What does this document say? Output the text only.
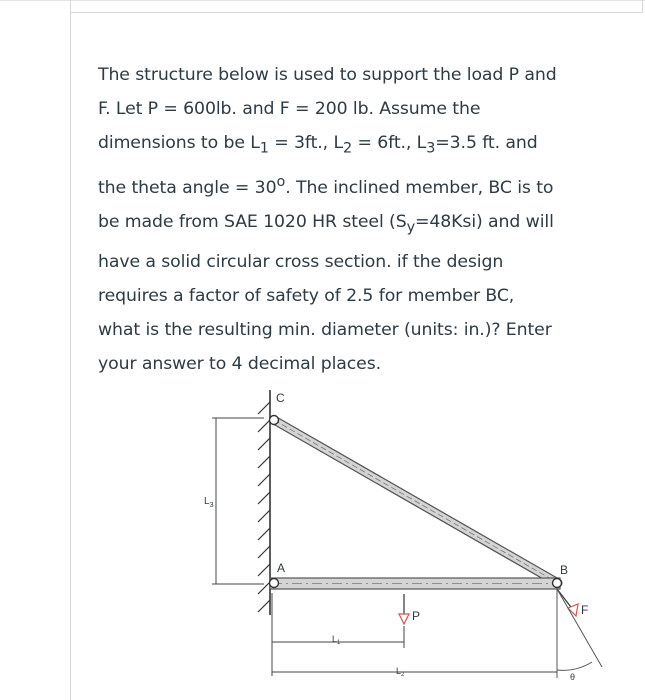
The structure below is used to support the load P and

F. Let P = 600lb. and F = 200 lb. Assume the

dimensions to be $L_1 = 3ft$., $L_2 = 6ft$., $L_3=3.5$ ft. and

the theta angle = $30^o$. The inclined member, BC is to

be made from SAE 1020 HR steel $(S_y=48Ksi)$ and will

have a solid circular cross section. if the design

requires a factor of safety of 2.5 for member BC,

what is the resulting min. diameter (units: in.)? Enter

your answer to 4 decimal places.

$L_3$
C
A	B
P	F
θ
$L_1$
$L_2$
